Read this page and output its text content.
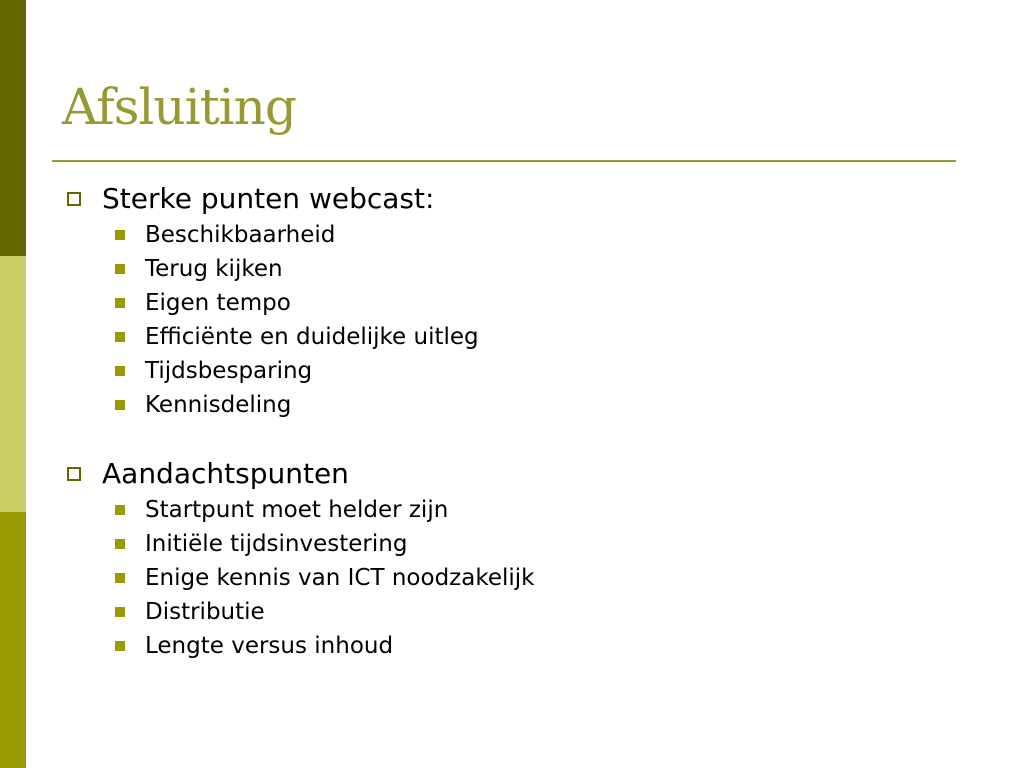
Afsluiting
Sterke punten webcast:
Beschikbaarheid
Terug kijken
Eigen tempo
Efficiënte en duidelijke uitleg
Tijdsbesparing
Kennisdeling
Aandachtspunten
Startpunt moet helder zijn
Initiële tijdsinvestering
Enige kennis van ICT noodzakelijk
Distributie
Lengte versus inhoud
